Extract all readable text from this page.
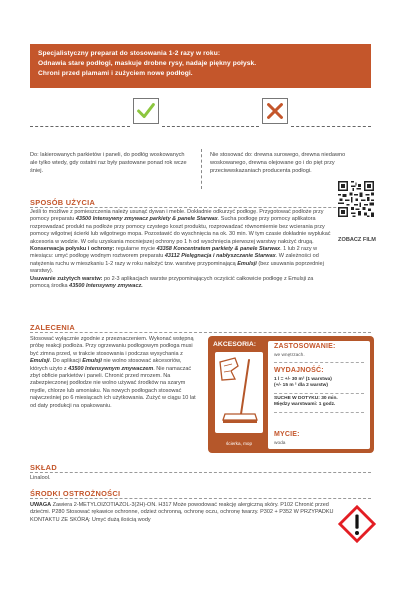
Specjalistyczny preparat do stosowania 1-2 razy w roku:
Odnawia stare podłogi, maskuje drobne rysy, nadaje piękny połysk.
Chroni przed plamami i zużyciem nowe podłogi.

Do: lakierowanych parkietów i paneli, do podłóg woskowanych ale tylko wtedy, gdy ostatni raz były pastowane ponad rok wcze śniej.

Nie stosować do: drewna surowego, drewna niedawno woskowanego, drewna olejowane go i do pięt przy przeciwwskazaniach producenta podłogi.

SPOSÓB UŻYCIA
Jeśli to możliwe z pomieszczenia należy usunąć dywan i meble. Dokładnie odkurzyć podłogę. Przygotować podłoże przy pomocy preparatu 43500 Intensywny zmywacz parkiety & panele Starwax. Sucha podłogę przy pomocy aplikatora rozprowadzać produkt na podłoże przy pomocy czystego koszt produktu, rozprowadzać równomiernie bez wcierania przy pomocy wilgotnej ścierki lub wilgotnego mopa. Pozostawić do wyschnięcia na ok. 30 min. W tym czasie dokładnie wypłukać akcesoria w wodzie. W celu uzyskania mocniejszej ochrony po 1 h od wyschnięcia pierwszej warstwy nałożyć drugą.
Konserwacja połysku i ochrony: regularne mycie 43358 Koncentratem parkiety & panele Starwax. 1 lub 2 razy w miesiącu: umyć podłogę wodnym roztworem preparatu 43112 Pielęgnacja i nabłyszczanie Starwax. W zależności od natężenia ruchu w mieszkaniu 1-2 razy w roku nałożyć tzw. warstwę przypominającą Emulsji (bez usuwania poprzedniej warstwy).
Usuwanie zużytych warstw: po 2-3 aplikacjach warstw przypominających oczyścić całkowicie podłogę z Emulsji za pomocą środka 43500 Intensywny zmywacz.
ZOBACZ FILM
ZALECENIA
Stosować wyłącznie zgodnie z przeznaczeniem. Wykonać wstępną próbę reakcji podłoża. Przy ogrzewaniu podłogowym podłoga musi być zimna przed, w trakcie stosowania i podczas wysychania z Emulsji. Do aplikacji Emulsji nie wolno stosować akcesoriów, których użyto z 43500 Intensywnym zmywaczem. Nie namaczać zbyt obficie parkietów i paneli. Chronić przed mrozem. Na zabezpieczonej podłodze nie wolno używać środków na szarym mydle, chlorze lub amoniaku. Na nowych podłogach stosować najwcześniej po 6 miesiącach ich użytkowania. Zużyć w ciągu 10 lat od daty produkcji na opakowaniu.
AKCESORIA:
ścierka, mop
ZASTOSOWANIE:
we wnętrzach.
WYDAJNOŚĆ:
1 l = +/- 30 m² (1 warstwa)
(+/- 15 m ² dla 2 warstw)
SUCHE W DOTYKU: 30 min.
Między warstwami: 1 godz.
MYCIE:
woda
SKŁAD
Linalool.
ŚRODKI OSTROŻNOŚCI
UWAGA Zawiera 2-METYLOIZOTIAZOL-3(2H)-ON. H317 Może powodować reakcję alergiczną skóry. P102 Chronić przed dziećmi. P280 Stosować rękawice ochronne, odzież ochronną, ochronę oczu, ochronę twarzy. P302 + P352 W PRZYPADKU KONTAKTU ZE SKÓRĄ: Umyć dużą ilością wody
